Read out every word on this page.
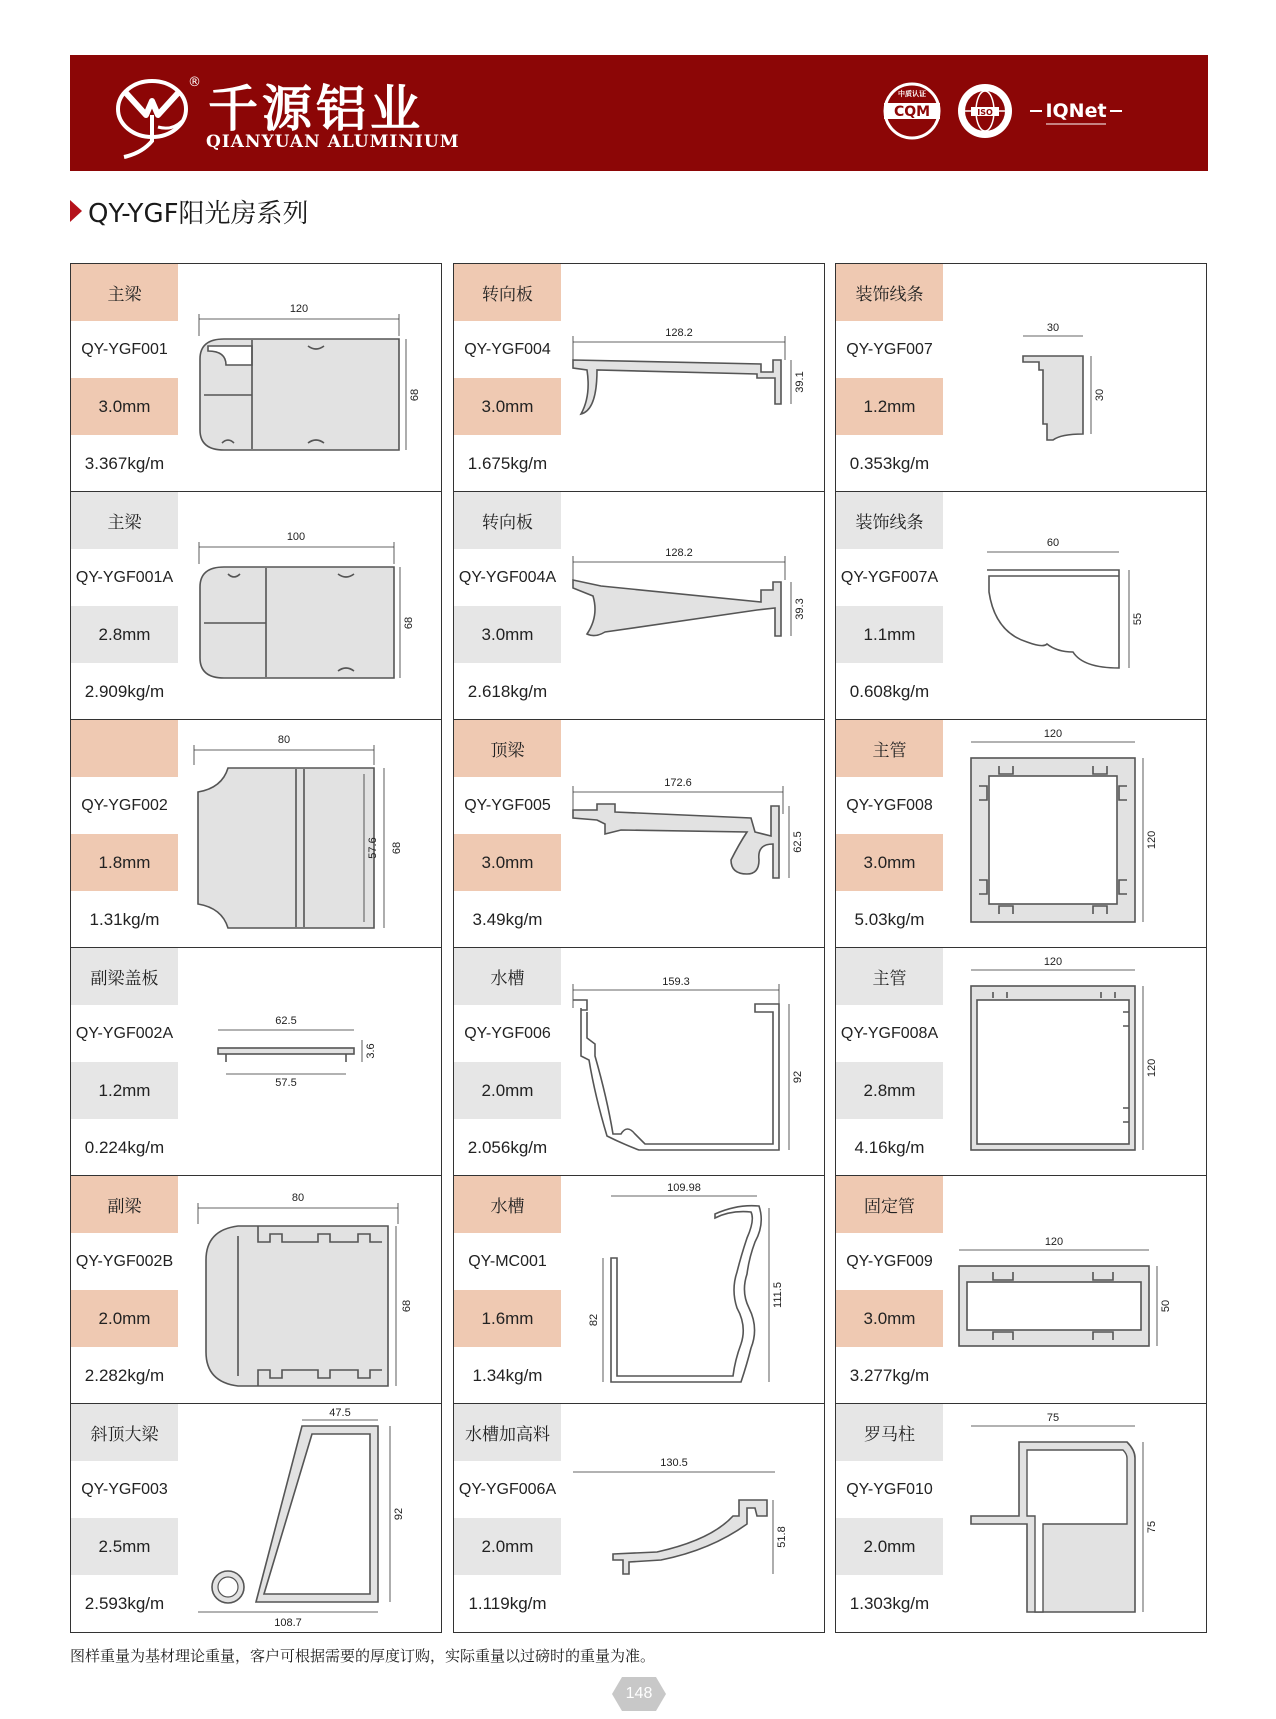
® 千源铝业
QIANYUAN ALUMINIUM
CQM
中质认证
ISO	IQNet
QY-YGF阳光房系列
主梁
QY-YGF001
3.0mm
3.367kg/m
120
68
主梁
QY-YGF001A
2.8mm
2.909kg/m
100
68
QY-YGF002
1.8mm
1.31kg/m
80
57.6 68
副梁盖板
QY-YGF002A
1.2mm
0.224kg/m
62.5
57.5
3.6
副梁
QY-YGF002B
2.0mm
2.282kg/m
80
68
斜顶大梁
QY-YGF003
2.5mm
2.593kg/m
47.5
92
108.7
转向板
QY-YGF004
3.0mm
1.675kg/m
128.2
39.1
转向板
QY-YGF004A
3.0mm
2.618kg/m
128.2
39.3
顶梁
QY-YGF005
3.0mm
3.49kg/m
172.6
62.5
水槽
QY-YGF006
2.0mm
2.056kg/m
159.3
92
水槽
QY-MC001
1.6mm
1.34kg/m
109.98
82
111.5
水槽加高料
QY-YGF006A
2.0mm
1.119kg/m
130.5
51.8
装饰线条
QY-YGF007
1.2mm
0.353kg/m
30
30
装饰线条
QY-YGF007A
1.1mm
0.608kg/m
60
55
主管
QY-YGF008
3.0mm
5.03kg/m
120
120
主管
QY-YGF008A
2.8mm
4.16kg/m
120
120
固定管
QY-YGF009
3.0mm
3.277kg/m
120
50
罗马柱
QY-YGF010
2.0mm
1.303kg/m
75
75
图样重量为基材理论重量，客户可根据需要的厚度订购，实际重量以过磅时的重量为准。
148
